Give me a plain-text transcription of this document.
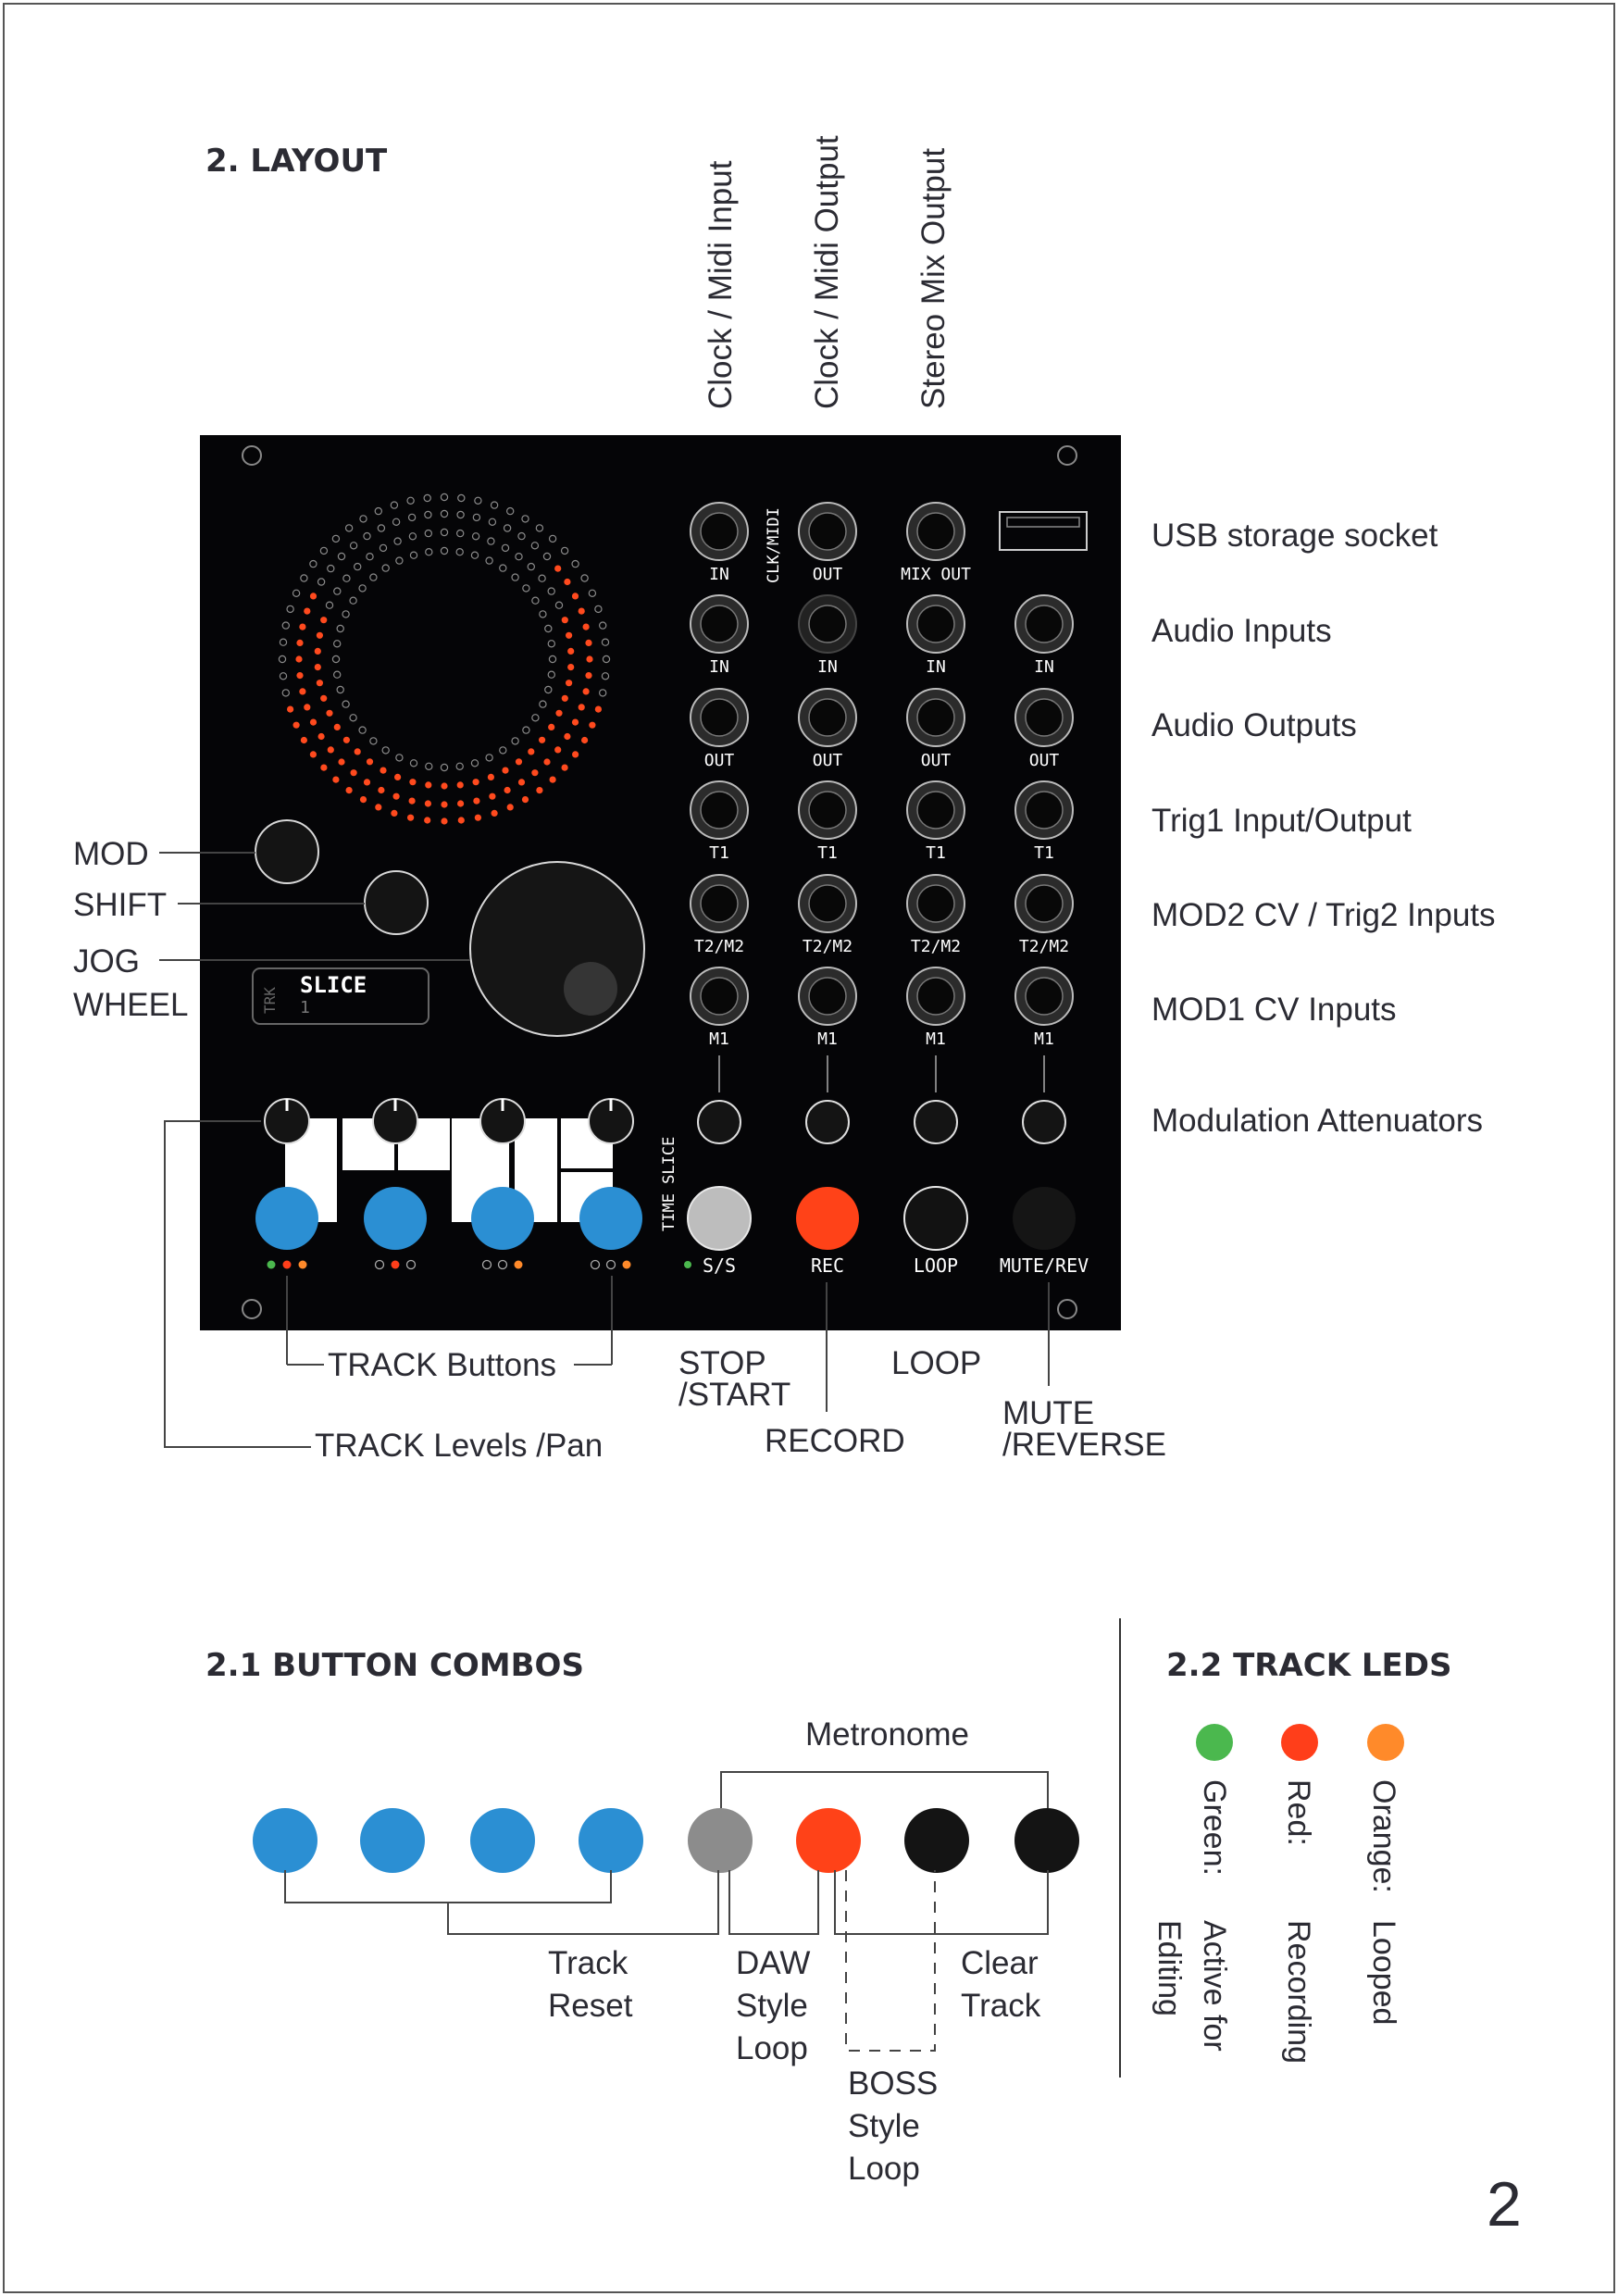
2. LAYOUT	Clock / Midi Input Clock / Midi Output Stereo Mix Output
TRK
SLICE
1
CLK/MIDI
IN	OUT	MIX OUT
IN	IN	IN	IN
OUT	OUT	OUT	OUT
T1	T1	T1	T1
T2/M2	T2/M2	T2/M2	T2/M2
M1	M1	M1	M1
TIME SLICE
S/S	REC	LOOP MUTE/REV
USB storage socket
Audio Inputs
Audio Outputs
Trig1 Input/Output
MOD2 CV / Trig2 Inputs
MOD1 CV Inputs
Modulation Attenuators
MOD
SHIFT
JOG
WHEEL
TRACK Buttons
TRACK Levels /Pan
STOP
/START
LOOP
RECORD
MUTE
/REVERSE
2.1 BUTTON COMBOS
Metronome
Track
Reset
DAW
Style
Loop
Clear
Track
BOSS
Style
Loop
2.2 TRACK LEDS
Green:
Active for
Editing
Red:
Recording
Orange:
Looped
2
